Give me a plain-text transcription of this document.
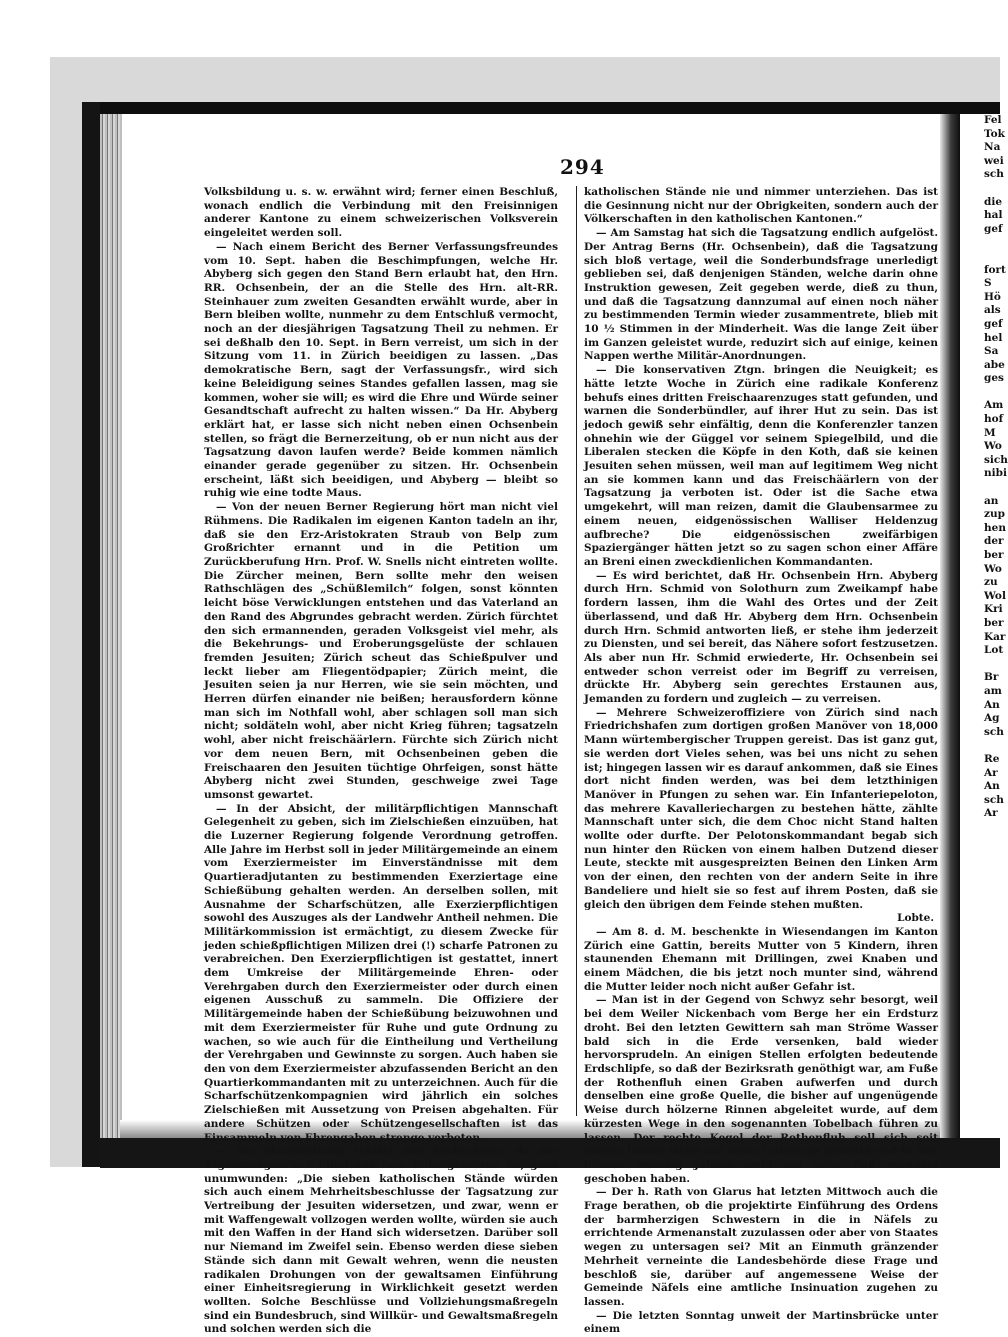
Fel
Tok
Na
wei
sch

die
hal
gef

fort
S
Hö
als
gef
hel
Sa
abe
ges

Am
hof
M
Wo
sich
nibi

an
zup
hen
der
ber
Wo
zu
Wol
Kri
ber
Kar
Lot

Br
am
An
Ag
sch

Re
Ar
An
sch
Ar
294

Volksbildung u. s. w. erwähnt wird; ferner einen Beschluß, wonach endlich die Verbindung mit den Freisinnigen anderer Kantone zu einem schweizerischen Volksverein eingeleitet werden soll.

— Nach einem Bericht des Berner Verfassungsfreundes vom 10. Sept. haben die Beschimpfungen, welche Hr. Abyberg sich gegen den Stand Bern erlaubt hat, den Hrn. RR. Ochsenbein, der an die Stelle des Hrn. alt-RR. Steinhauer zum zweiten Gesandten erwählt wurde, aber in Bern bleiben wollte, nunmehr zu dem Entschluß vermocht, noch an der diesjährigen Tagsatzung Theil zu nehmen. Er sei deßhalb den 10. Sept. in Bern verreist, um sich in der Sitzung vom 11. in Zürich beeidigen zu lassen. „Das demokratische Bern, sagt der Verfassungsfr., wird sich keine Beleidigung seines Standes gefallen lassen, mag sie kommen, woher sie will; es wird die Ehre und Würde seiner Gesandtschaft aufrecht zu halten wissen.“ Da Hr. Abyberg erklärt hat, er lasse sich nicht neben einen Ochsenbein stellen, so frägt die Bernerzeitung, ob er nun nicht aus der Tagsatzung davon laufen werde? Beide kommen nämlich einander gerade gegenüber zu sitzen. Hr. Ochsenbein erscheint, läßt sich beeidigen, und Abyberg — bleibt so ruhig wie eine todte Maus.

— Von der neuen Berner Regierung hört man nicht viel Rühmens. Die Radikalen im eigenen Kanton tadeln an ihr, daß sie den Erz-Aristokraten Straub von Belp zum Großrichter ernannt und in die Petition um Zurückberufung Hrn. Prof. W. Snells nicht eintreten wollte. Die Zürcher meinen, Bern sollte mehr den weisen Rathschlägen des „Schüßlemilch“ folgen, sonst könnten leicht böse Verwicklungen entstehen und das Vaterland an den Rand des Abgrundes gebracht werden. Zürich fürchtet den sich ermannenden, geraden Volksgeist viel mehr, als die Bekehrungs- und Eroberungsgelüste der schlauen fremden Jesuiten; Zürich scheut das Schießpulver und leckt lieber am Fliegentödpapier; Zürich meint, die Jesuiten seien ja nur Herren, wie sie sein möchten, und Herren dürfen einander nie beißen; herausfordern könne man sich im Nothfall wohl, aber schlagen soll man sich nicht; soldäteln wohl, aber nicht Krieg führen; tagsatzeln wohl, aber nicht freischäärlern. Fürchte sich Zürich nicht vor dem neuen Bern, mit Ochsenbeinen geben die Freischaaren den Jesuiten tüchtige Ohrfeigen, sonst hätte Abyberg nicht zwei Stunden, geschweige zwei Tage umsonst gewartet.

— In der Absicht, der militärpflichtigen Mannschaft Gelegenheit zu geben, sich im Zielschießen einzuüben, hat die Luzerner Regierung folgende Verordnung getroffen. Alle Jahre im Herbst soll in jeder Militärgemeinde an einem vom Exerziermeister im Einverständnisse mit dem Quartieradjutanten zu bestimmenden Exerziertage eine Schießübung gehalten werden. An derselben sollen, mit Ausnahme der Scharfschützen, alle Exerzierpflichtigen sowohl des Auszuges als der Landwehr Antheil nehmen. Die Militärkommission ist ermächtigt, zu diesem Zwecke für jeden schießpflichtigen Milizen drei (!) scharfe Patronen zu verabreichen. Den Exerzierpflichtigen ist gestattet, innert dem Umkreise der Militärgemeinde Ehren- oder Verehrgaben durch den Exerziermeister oder durch einen eigenen Ausschuß zu sammeln. Die Offiziere der Militärgemeinde haben der Schießübung beizuwohnen und mit dem Exerziermeister für Ruhe und gute Ordnung zu wachen, so wie auch für die Eintheilung und Vertheilung der Verehrgaben und Gewinnste zu sorgen. Auch haben sie den von dem Exerziermeister abzufassenden Bericht an den Quartierkommandanten mit zu unterzeichnen. Auch für die Scharfschützenkompagnien wird jährlich ein solches Zielschießen mit Aussetzung von Preisen abgehalten. Für andere Schützen oder Schützengesellschaften ist das Einsammeln von Ehrengaben strenge verboten.

— Die Staatszeitung erklärt nun hintendrein, da der Tagsatzungsschuß blind aus dem Rohr gefahren ist, ganz unumwunden: „Die sieben katholischen Stände würden sich auch einem Mehrheitsbeschlusse der Tagsatzung zur Vertreibung der Jesuiten widersetzen, und zwar, wenn er mit Waffengewalt vollzogen werden wollte, würden sie auch mit den Waffen in der Hand sich widersetzen. Darüber soll nur Niemand im Zweifel sein. Ebenso werden diese sieben Stände sich dann mit Gewalt wehren, wenn die neusten radikalen Drohungen von der gewaltsamen Einführung einer Einheitsregierung in Wirklichkeit gesetzt werden wollten. Solche Beschlüsse und Vollziehungsmaßregeln sind ein Bundesbruch, sind Willkür- und Gewaltsmaßregeln und solchen werden sich die

katholischen Stände nie und nimmer unterziehen. Das ist die Gesinnung nicht nur der Obrigkeiten, sondern auch der Völkerschaften in den katholischen Kantonen.“

— Am Samstag hat sich die Tagsatzung endlich aufgelöst. Der Antrag Berns (Hr. Ochsenbein), daß die Tagsatzung sich bloß vertage, weil die Sonderbundsfrage unerledigt geblieben sei, daß denjenigen Ständen, welche darin ohne Instruktion gewesen, Zeit gegeben werde, dieß zu thun, und daß die Tagsatzung dannzumal auf einen noch näher zu bestimmenden Termin wieder zusammentrete, blieb mit 10 ½ Stimmen in der Minderheit. Was die lange Zeit über im Ganzen geleistet wurde, reduzirt sich auf einige, keinen Nappen werthe Militär-Anordnungen.

— Die konservativen Ztgn. bringen die Neuigkeit; es hätte letzte Woche in Zürich eine radikale Konferenz behufs eines dritten Freischaarenzuges statt gefunden, und warnen die Sonderbündler, auf ihrer Hut zu sein. Das ist jedoch gewiß sehr einfältig, denn die Konferenzler tanzen ohnehin wie der Güggel vor seinem Spiegelbild, und die Liberalen stecken die Köpfe in den Koth, daß sie keinen Jesuiten sehen müssen, weil man auf legitimem Weg nicht an sie kommen kann und das Freischäärlern von der Tagsatzung ja verboten ist. Oder ist die Sache etwa umgekehrt, will man reizen, damit die Glaubensarmee zu einem neuen, eidgenössischen Walliser Heldenzug aufbreche? Die eidgenössischen zweifärbigen Spaziergänger hätten jetzt so zu sagen schon einer Affäre an Breni einen zweckdienlichen Kommandanten.

— Es wird berichtet, daß Hr. Ochsenbein Hrn. Abyberg durch Hrn. Schmid von Solothurn zum Zweikampf habe fordern lassen, ihm die Wahl des Ortes und der Zeit überlassend, und daß Hr. Abyberg dem Hrn. Ochsenbein durch Hrn. Schmid antworten ließ, er stehe ihm jederzeit zu Diensten, und sei bereit, das Nähere sofort festzusetzen. Als aber nun Hr. Schmid erwiederte, Hr. Ochsenbein sei entweder schon verreist oder im Begriff zu verreisen, drückte Hr. Abyberg sein gerechtes Erstaunen aus, Jemanden zu fordern und zugleich — zu verreisen.

— Mehrere Schweizeroffiziere von Zürich sind nach Friedrichshafen zum dortigen großen Manöver von 18,000 Mann würtembergischer Truppen gereist. Das ist ganz gut, sie werden dort Vieles sehen, was bei uns nicht zu sehen ist; hingegen lassen wir es darauf ankommen, daß sie Eines dort nicht finden werden, was bei dem letzthinigen Manöver in Pfungen zu sehen war. Ein Infanteriepeloton, das mehrere Kavalleriechargen zu bestehen hätte, zählte Mannschaft unter sich, die dem Choc nicht Stand halten wollte oder durfte. Der Pelotonskommandant begab sich nun hinter den Rücken von einem halben Dutzend dieser Leute, steckte mit ausgespreizten Beinen den Linken Arm von der einen, den rechten von der andern Seite in ihre Bandeliere und hielt sie so fest auf ihrem Posten, daß sie gleich den übrigen dem Feinde stehen mußten.

Lobte.

— Am 8. d. M. beschenkte in Wiesendangen im Kanton Zürich eine Gattin, bereits Mutter von 5 Kindern, ihren staunenden Ehemann mit Drillingen, zwei Knaben und einem Mädchen, die bis jetzt noch munter sind, während die Mutter leider noch nicht außer Gefahr ist.

— Man ist in der Gegend von Schwyz sehr besorgt, weil bei dem Weiler Nickenbach vom Berge her ein Erdsturz droht. Bei den letzten Gewittern sah man Ströme Wasser bald sich in die Erde versenken, bald wieder hervorsprudeln. An einigen Stellen erfolgten bedeutende Erdschlipfe, so daß der Bezirksrath genöthigt war, am Fuße der Rothenfluh einen Graben aufwerfen und durch denselben eine große Quelle, die bisher auf ungenügende Weise durch hölzerne Rinnen abgeleitet wurde, auf dem kürzesten Wege in den sogenannten Tobelbach führen zu lassen. Der rechte Kegel der Rothenfluh soll sich seit Jahren immer tiefer auf seine Unterlage gesenkt und in den letzten zwanzig Jahren wohl um zehn Fuß vorwärts geschoben haben.

— Der h. Rath von Glarus hat letzten Mittwoch auch die Frage berathen, ob die projektirte Einführung des Ordens der barmherzigen Schwestern in die in Näfels zu errichtende Armenanstalt zuzulassen oder aber von Staates wegen zu untersagen sei? Mit an Einmuth gränzender Mehrheit verneinte die Landesbehörde diese Frage und beschloß sie, darüber auf angemessene Weise der Gemeinde Näfels eine amtliche Insinuation zugehen zu lassen.

— Die letzten Sonntag unweit der Martinsbrücke unter einem
